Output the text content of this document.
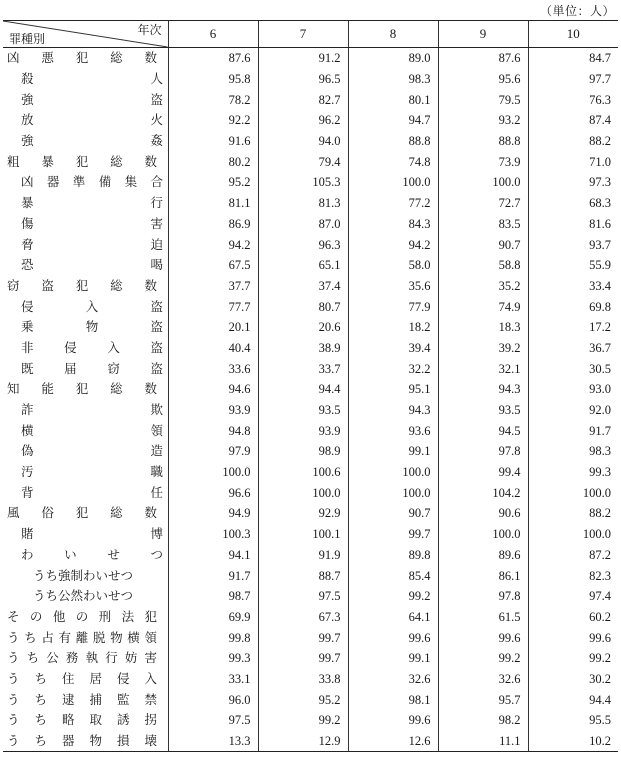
（単位：人）
年次
罪種別	6	7	8	9	10

凶悪犯総数	87.6	91.2	89.0	87.6	84.7

殺人	95.8	96.5	98.3	95.6	97.7

強盗	78.2	82.7	80.1	79.5	76.3

放火	92.2	96.2	94.7	93.2	87.4

強姦	91.6	94.0	88.8	88.8	88.2

粗暴犯総数	80.2	79.4	74.8	73.9	71.0

凶器準備集合	95.2	105.3	100.0	100.0	97.3

暴行	81.1	81.3	77.2	72.7	68.3

傷害	86.9	87.0	84.3	83.5	81.6

脅迫	94.2	96.3	94.2	90.7	93.7

恐喝	67.5	65.1	58.0	58.8	55.9

窃盗犯総数	37.7	37.4	35.6	35.2	33.4

侵入盗	77.7	80.7	77.9	74.9	69.8

乗物盗	20.1	20.6	18.2	18.3	17.2

非侵入盗	40.4	38.9	39.4	39.2	36.7

既届窃盗	33.6	33.7	32.2	32.1	30.5

知能犯総数	94.6	94.4	95.1	94.3	93.0

詐欺	93.9	93.5	94.3	93.5	92.0

横領	94.8	93.9	93.6	94.5	91.7

偽造	97.9	98.9	99.1	97.8	98.3

汚職	100.0	100.6	100.0	99.4	99.3

背任	96.6	100.0	100.0	104.2	100.0

風俗犯総数	94.9	92.9	90.7	90.6	88.2

賭博	100.3	100.1	99.7	100.0	100.0

わいせつ	94.1	91.9	89.8	89.6	87.2

うち強制わいせつ	91.7	88.7	85.4	86.1	82.3

うち公然わいせつ	98.7	97.5	99.2	97.8	97.4

その他の刑法犯	69.9	67.3	64.1	61.5	60.2

うち占有離脱物横領	99.8	99.7	99.6	99.6	99.6

うち公務執行妨害	99.3	99.7	99.1	99.2	99.2

うち住居侵入	33.1	33.8	32.6	32.6	30.2

うち逮捕監禁	96.0	95.2	98.1	95.7	94.4

うち略取誘拐	97.5	99.2	99.6	98.2	95.5

うち器物損壊	13.3	12.9	12.6	11.1	10.2
